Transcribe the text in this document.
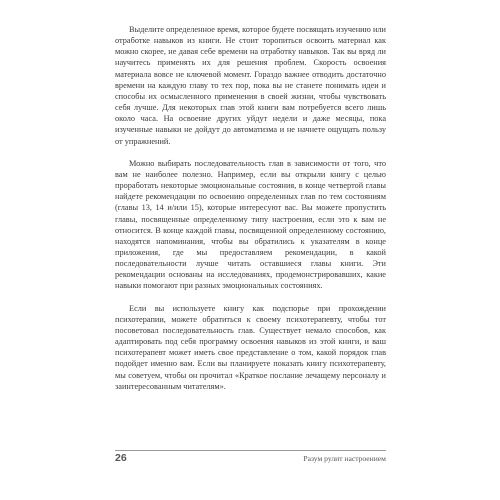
Выделите определенное время, которое будете посвящать изучению или отработке навыков из книги. Не стоит торопиться освоить материал как можно скорее, не давая себе времени на отработку навыков. Так вы вряд ли научитесь применять их для решения проблем. Скорость освоения материала вовсе не ключевой момент. Гораздо важнее отводить достаточно времени на каждую главу то тех пор, пока вы не станете понимать идеи и способы их осмысленного применения в своей жизни, чтобы чувствовать себя лучше. Для некоторых глав этой книги вам потребуется всего лишь около часа. На освоение других уйдут недели и даже месяцы, пока изученные навыки не дойдут до автоматизма и не начнете ощущать пользу от упражнений.

Можно выбирать последовательность глав в зависимости от того, что вам не наиболее полезно. Например, если вы открыли книгу с целью проработать некоторые эмоциональные состояния, в конце четвертой главы найдете рекомендации по освоению определенных глав по тем состояниям (главы 13, 14 и/или 15), которые интересуют вас. Вы можете пропустить главы, посвященные определенному типу настроения, если это к вам не относится. В конце каждой главы, посвященной определенному состоянию, находятся напоминания, чтобы вы обратились к указателям в конце приложения, где мы предоставляем рекомендации, в какой последовательности лучше читать оставшиеся главы книги. Эти рекомендации основаны на исследованиях, продемонстрировавших, какие навыки помогают при разных эмоциональных состояниях.

Если вы используете книгу как подспорье при прохождении психотерапии, можете обратиться к своему психотерапевту, чтобы тот посоветовал последовательность глав. Существует немало способов, как адаптировать под себя программу освоения навыков из этой книги, и ваш психотерапевт может иметь свое представление о том, какой порядок глав подойдет именно вам. Если вы планируете показать книгу психотерапевту, мы советуем, чтобы он прочитал «Краткое послание лечащему персоналу и заинтересованным читателям».

26	Разум рулит настроением
